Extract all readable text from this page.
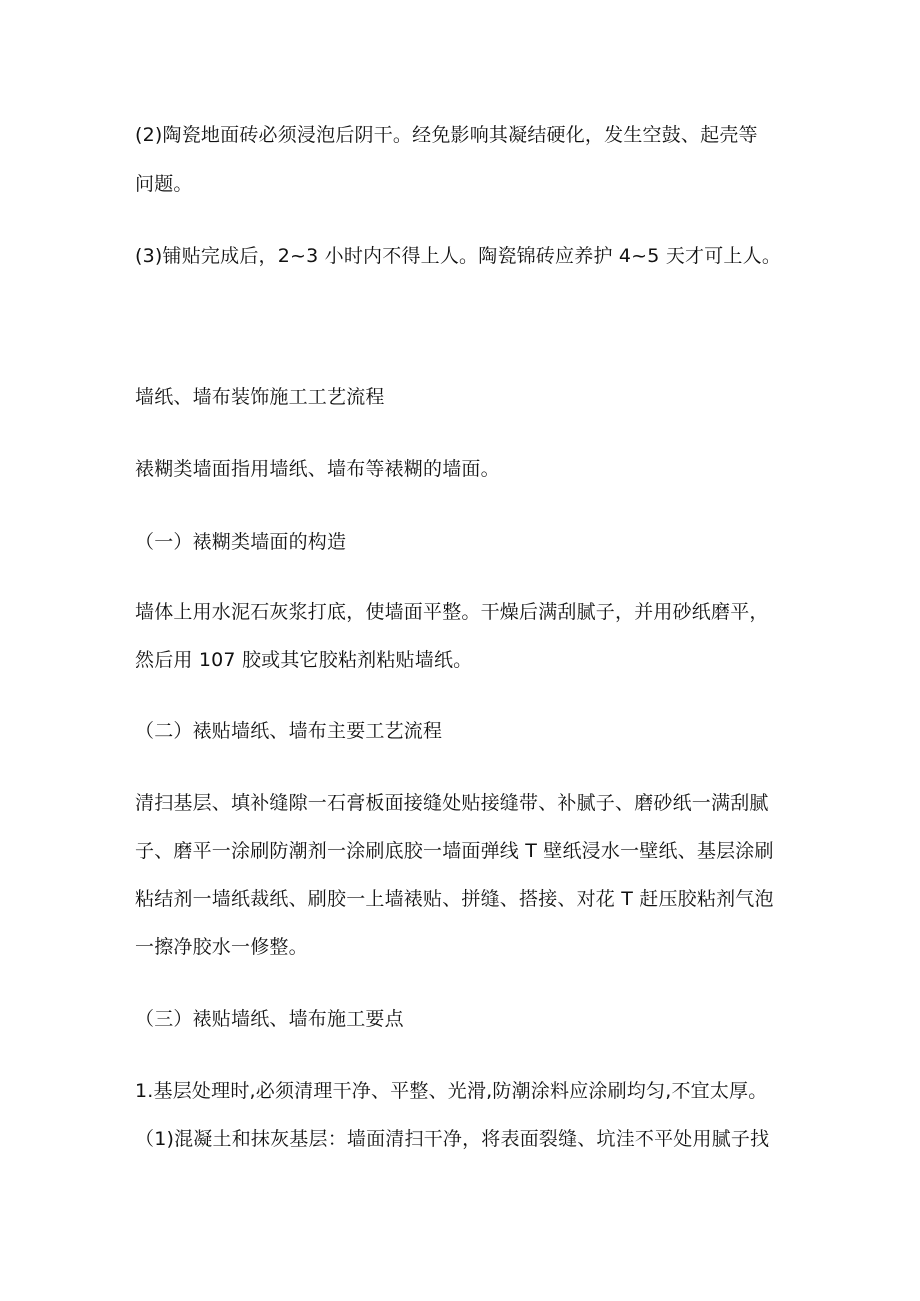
(2)陶瓷地面砖必须浸泡后阴干。经免影响其凝结硬化，发生空鼓、起壳等
问题。
(3)铺贴完成后，2~3 小时内不得上人。陶瓷锦砖应养护 4~5 天才可上人。
墙纸、墙布装饰施工工艺流程
裱糊类墙面指用墙纸、墙布等裱糊的墙面。
（一）裱糊类墙面的构造
墙体上用水泥石灰浆打底，使墙面平整。干燥后满刮腻子，并用砂纸磨平，
然后用 107 胶或其它胶粘剂粘贴墙纸。
（二）裱贴墙纸、墙布主要工艺流程
清扫基层、填补缝隙一石膏板面接缝处贴接缝带、补腻子、磨砂纸一满刮腻
子、磨平一涂刷防潮剂一涂刷底胶一墙面弹线 T 壁纸浸水一壁纸、基层涂刷
粘结剂一墙纸裁纸、刷胶一上墙裱贴、拼缝、搭接、对花 T 赶压胶粘剂气泡
一擦净胶水一修整。
（三）裱贴墙纸、墙布施工要点
1.基层处理时,必须清理干净、平整、光滑,防潮涂料应涂刷均匀,不宜太厚。
（1)混凝土和抹灰基层：墙面清扫干净，将表面裂缝、坑洼不平处用腻子找
